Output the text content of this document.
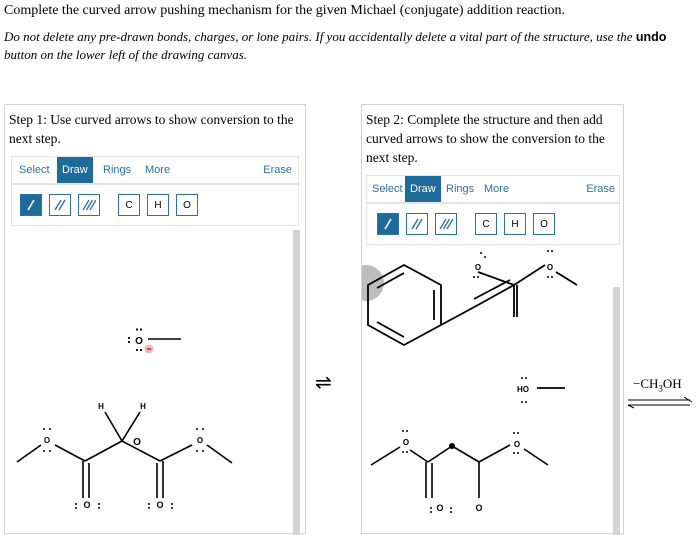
Complete the curved arrow pushing mechanism for the given Michael (conjugate) addition reaction.
Do not delete any pre-drawn bonds, charges, or lone pairs. If you accidentally delete a vital part of the structure, use the undo button on the lower left of the drawing canvas.
Step 1: Use curved arrows to show conversion to the next step.
Select	Draw	Rings	More	Erase
C	H	O
O
O
H	H
O
O
O
O
⇌
Step 2: Complete the structure and then add curved arrows to show the conversion to the next step.
Select Draw Rings More	Erase
C	H	O
O	O
HO
O
O
O
O
$-CH_3OH$
